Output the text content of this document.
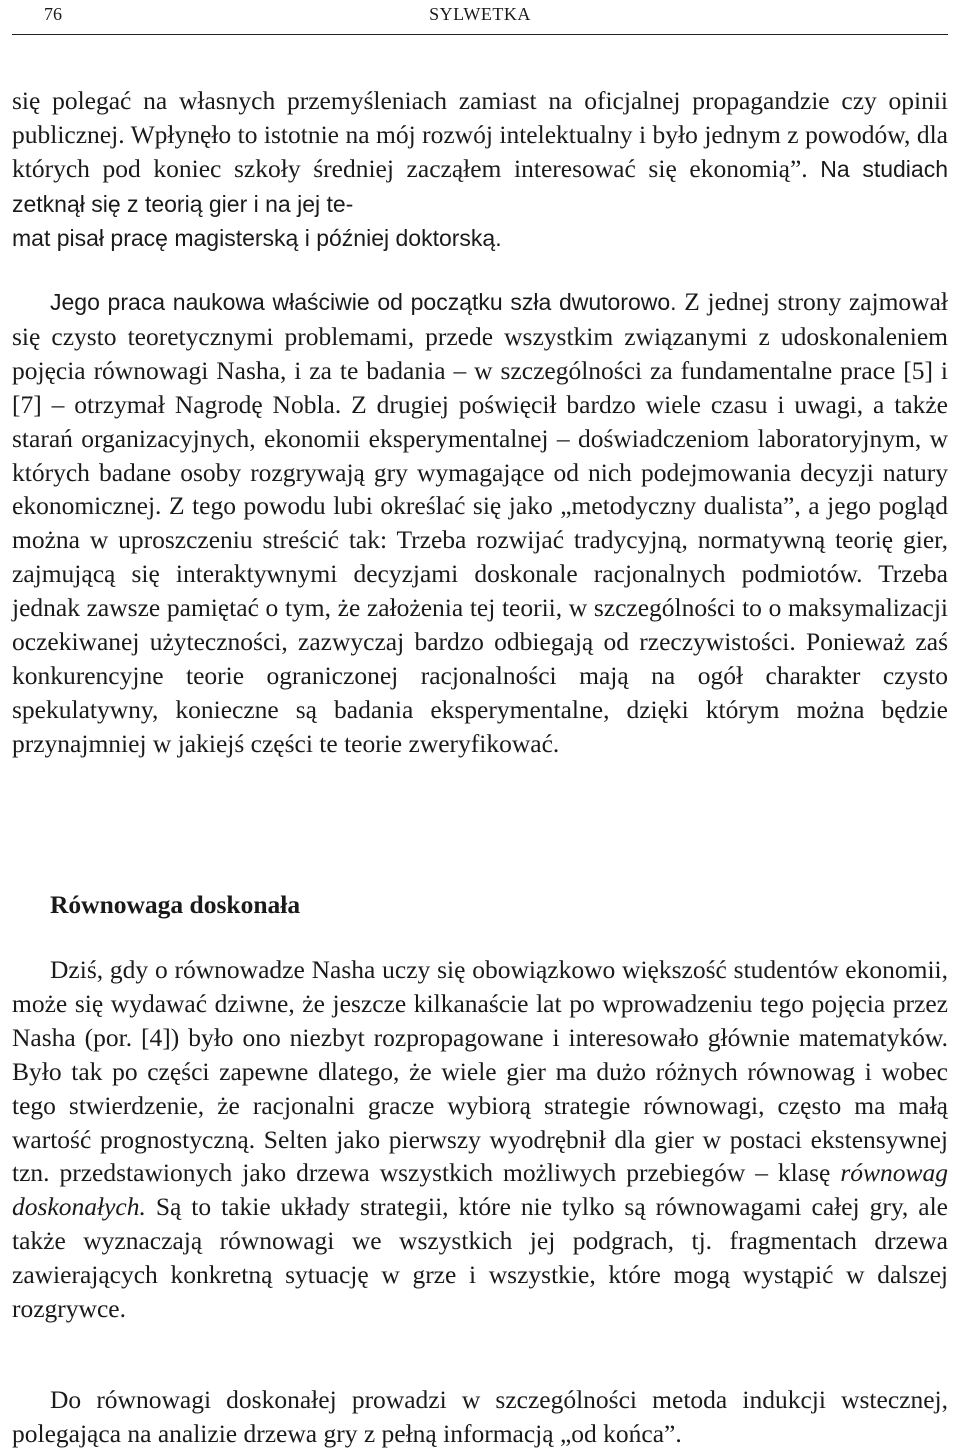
76	SYLWETKA

się polegać na własnych przemyśleniach zamiast na oficjalnej propagandzie czy opinii publicznej. Wpłynęło to istotnie na mój rozwój intelektualny i było jednym z powodów, dla których pod koniec szkoły średniej zacząłem interesować się ekonomią”. Na studiach zetknął się z teorią gier i na jej te-
mat pisał pracę magisterską i później doktorską.

Jego praca naukowa właściwie od początku szła dwutorowo. Z jednej strony zajmował się czysto teoretycznymi problemami, przede wszystkim związanymi z udoskonaleniem pojęcia równowagi Nasha, i za te badania – w szczególności za fundamentalne prace [5] i [7] – otrzymał Nagrodę Nobla. Z drugiej poświęcił bardzo wiele czasu i uwagi, a także starań organizacyjnych, ekonomii eksperymentalnej – doświadczeniom laboratoryjnym, w których badane osoby rozgrywają gry wymagające od nich podejmowania decyzji natury ekonomicznej. Z tego powodu lubi określać się jako „metodyczny dualista”, a jego pogląd można w uproszczeniu streścić tak: Trzeba rozwijać tradycyjną, normatywną teorię gier, zajmującą się interaktywnymi decyzjami doskonale racjonalnych podmiotów. Trzeba jednak zawsze pamiętać o tym, że założenia tej teorii, w szczególności to o maksymalizacji oczekiwanej użyteczności, zazwyczaj bardzo odbiegają od rzeczywistości. Ponieważ zaś konkurencyjne teorie ograniczonej racjonalności mają na ogół charakter czysto spekulatywny, konieczne są badania eksperymentalne, dzięki którym można będzie przynajmniej w jakiejś części te teorie zweryfikować.

Równowaga doskonała

Dziś, gdy o równowadze Nasha uczy się obowiązkowo większość studentów ekonomii, może się wydawać dziwne, że jeszcze kilkanaście lat po wprowadzeniu tego pojęcia przez Nasha (por. [4]) było ono niezbyt rozpropagowane i interesowało głównie matematyków. Było tak po części zapewne dlatego, że wiele gier ma dużo różnych równowag i wobec tego stwierdzenie, że racjonalni gracze wybiorą strategie równowagi, często ma małą wartość prognostyczną. Selten jako pierwszy wyodrębnił dla gier w postaci ekstensywnej tzn. przedstawionych jako drzewa wszystkich możliwych przebiegów – klasę równowag doskonałych. Są to takie układy strategii, które nie tylko są równowagami całej gry, ale także wyznaczają równowagi we wszystkich jej podgrach, tj. fragmentach drzewa zawierających konkretną sytuację w grze i wszystkie, które mogą wystąpić w dalszej rozgrywce.

Do równowagi doskonałej prowadzi w szczególności metoda indukcji wstecznej, polegająca na analizie drzewa gry z pełną informacją „od końca”.
